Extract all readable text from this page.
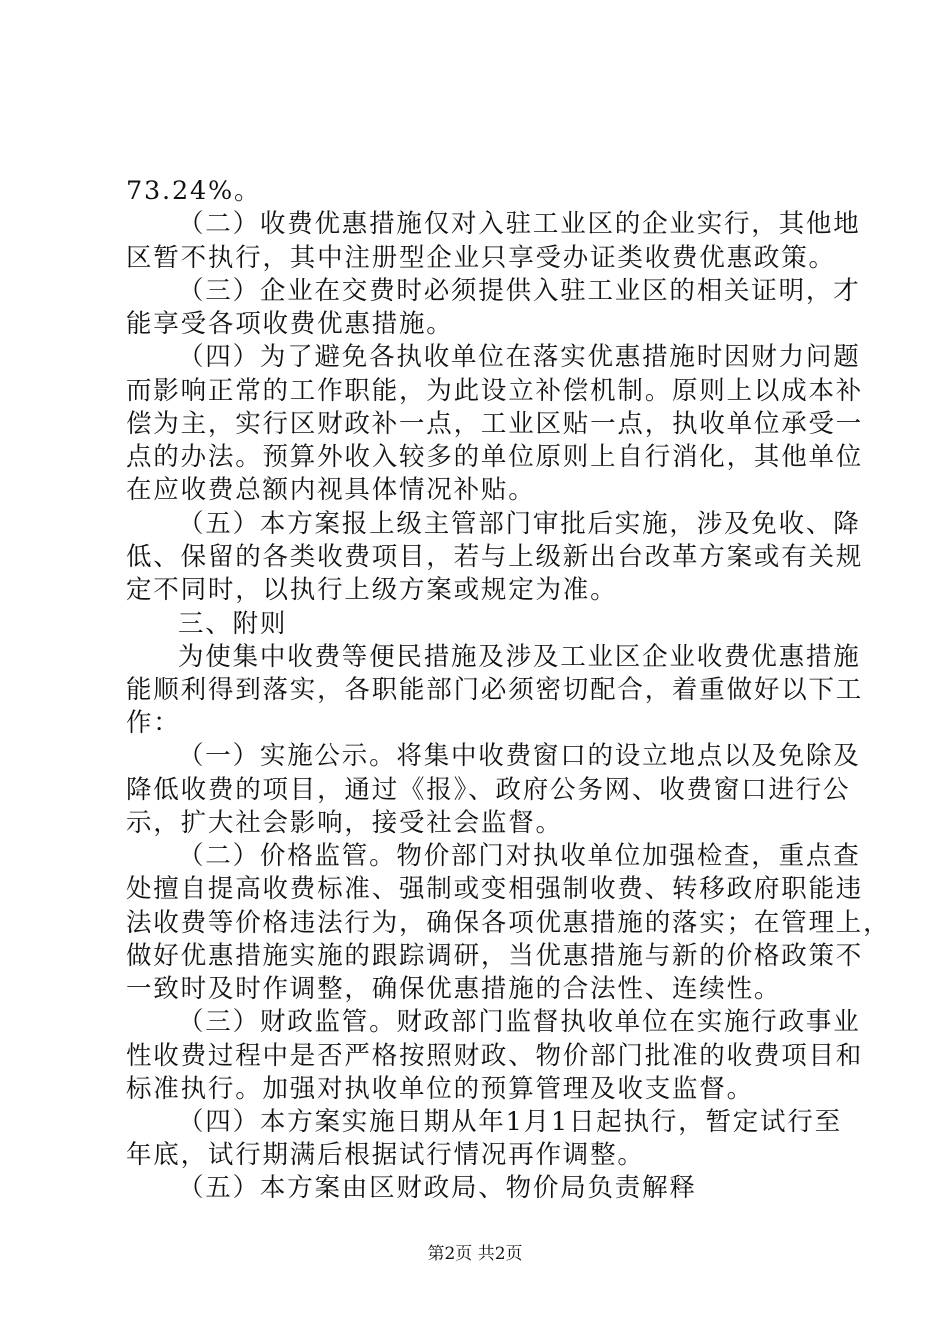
73.24%。
（二）收费优惠措施仅对入驻工业区的企业实行，其他地
区暂不执行，其中注册型企业只享受办证类收费优惠政策。
（三）企业在交费时必须提供入驻工业区的相关证明，才
能享受各项收费优惠措施。
（四）为了避免各执收单位在落实优惠措施时因财力问题
而影响正常的工作职能，为此设立补偿机制。原则上以成本补
偿为主，实行区财政补一点，工业区贴一点，执收单位承受一
点的办法。预算外收入较多的单位原则上自行消化，其他单位
在应收费总额内视具体情况补贴。
（五）本方案报上级主管部门审批后实施，涉及免收、降
低、保留的各类收费项目，若与上级新出台改革方案或有关规
定不同时，以执行上级方案或规定为准。
三、附则
为使集中收费等便民措施及涉及工业区企业收费优惠措施
能顺利得到落实，各职能部门必须密切配合，着重做好以下工
作：
（一）实施公示。将集中收费窗口的设立地点以及免除及
降低收费的项目，通过《报》、政府公务网、收费窗口进行公
示，扩大社会影响，接受社会监督。
（二）价格监管。物价部门对执收单位加强检查，重点查
处擅自提高收费标准、强制或变相强制收费、转移政府职能违
法收费等价格违法行为，确保各项优惠措施的落实；在管理上，
做好优惠措施实施的跟踪调研，当优惠措施与新的价格政策不
一致时及时作调整，确保优惠措施的合法性、连续性。
（三）财政监管。财政部门监督执收单位在实施行政事业
性收费过程中是否严格按照财政、物价部门批准的收费项目和
标准执行。加强对执收单位的预算管理及收支监督。
（四）本方案实施日期从年1月1日起执行，暂定试行至
年底，试行期满后根据试行情况再作调整。
（五）本方案由区财政局、物价局负责解释
第2页 共2页
